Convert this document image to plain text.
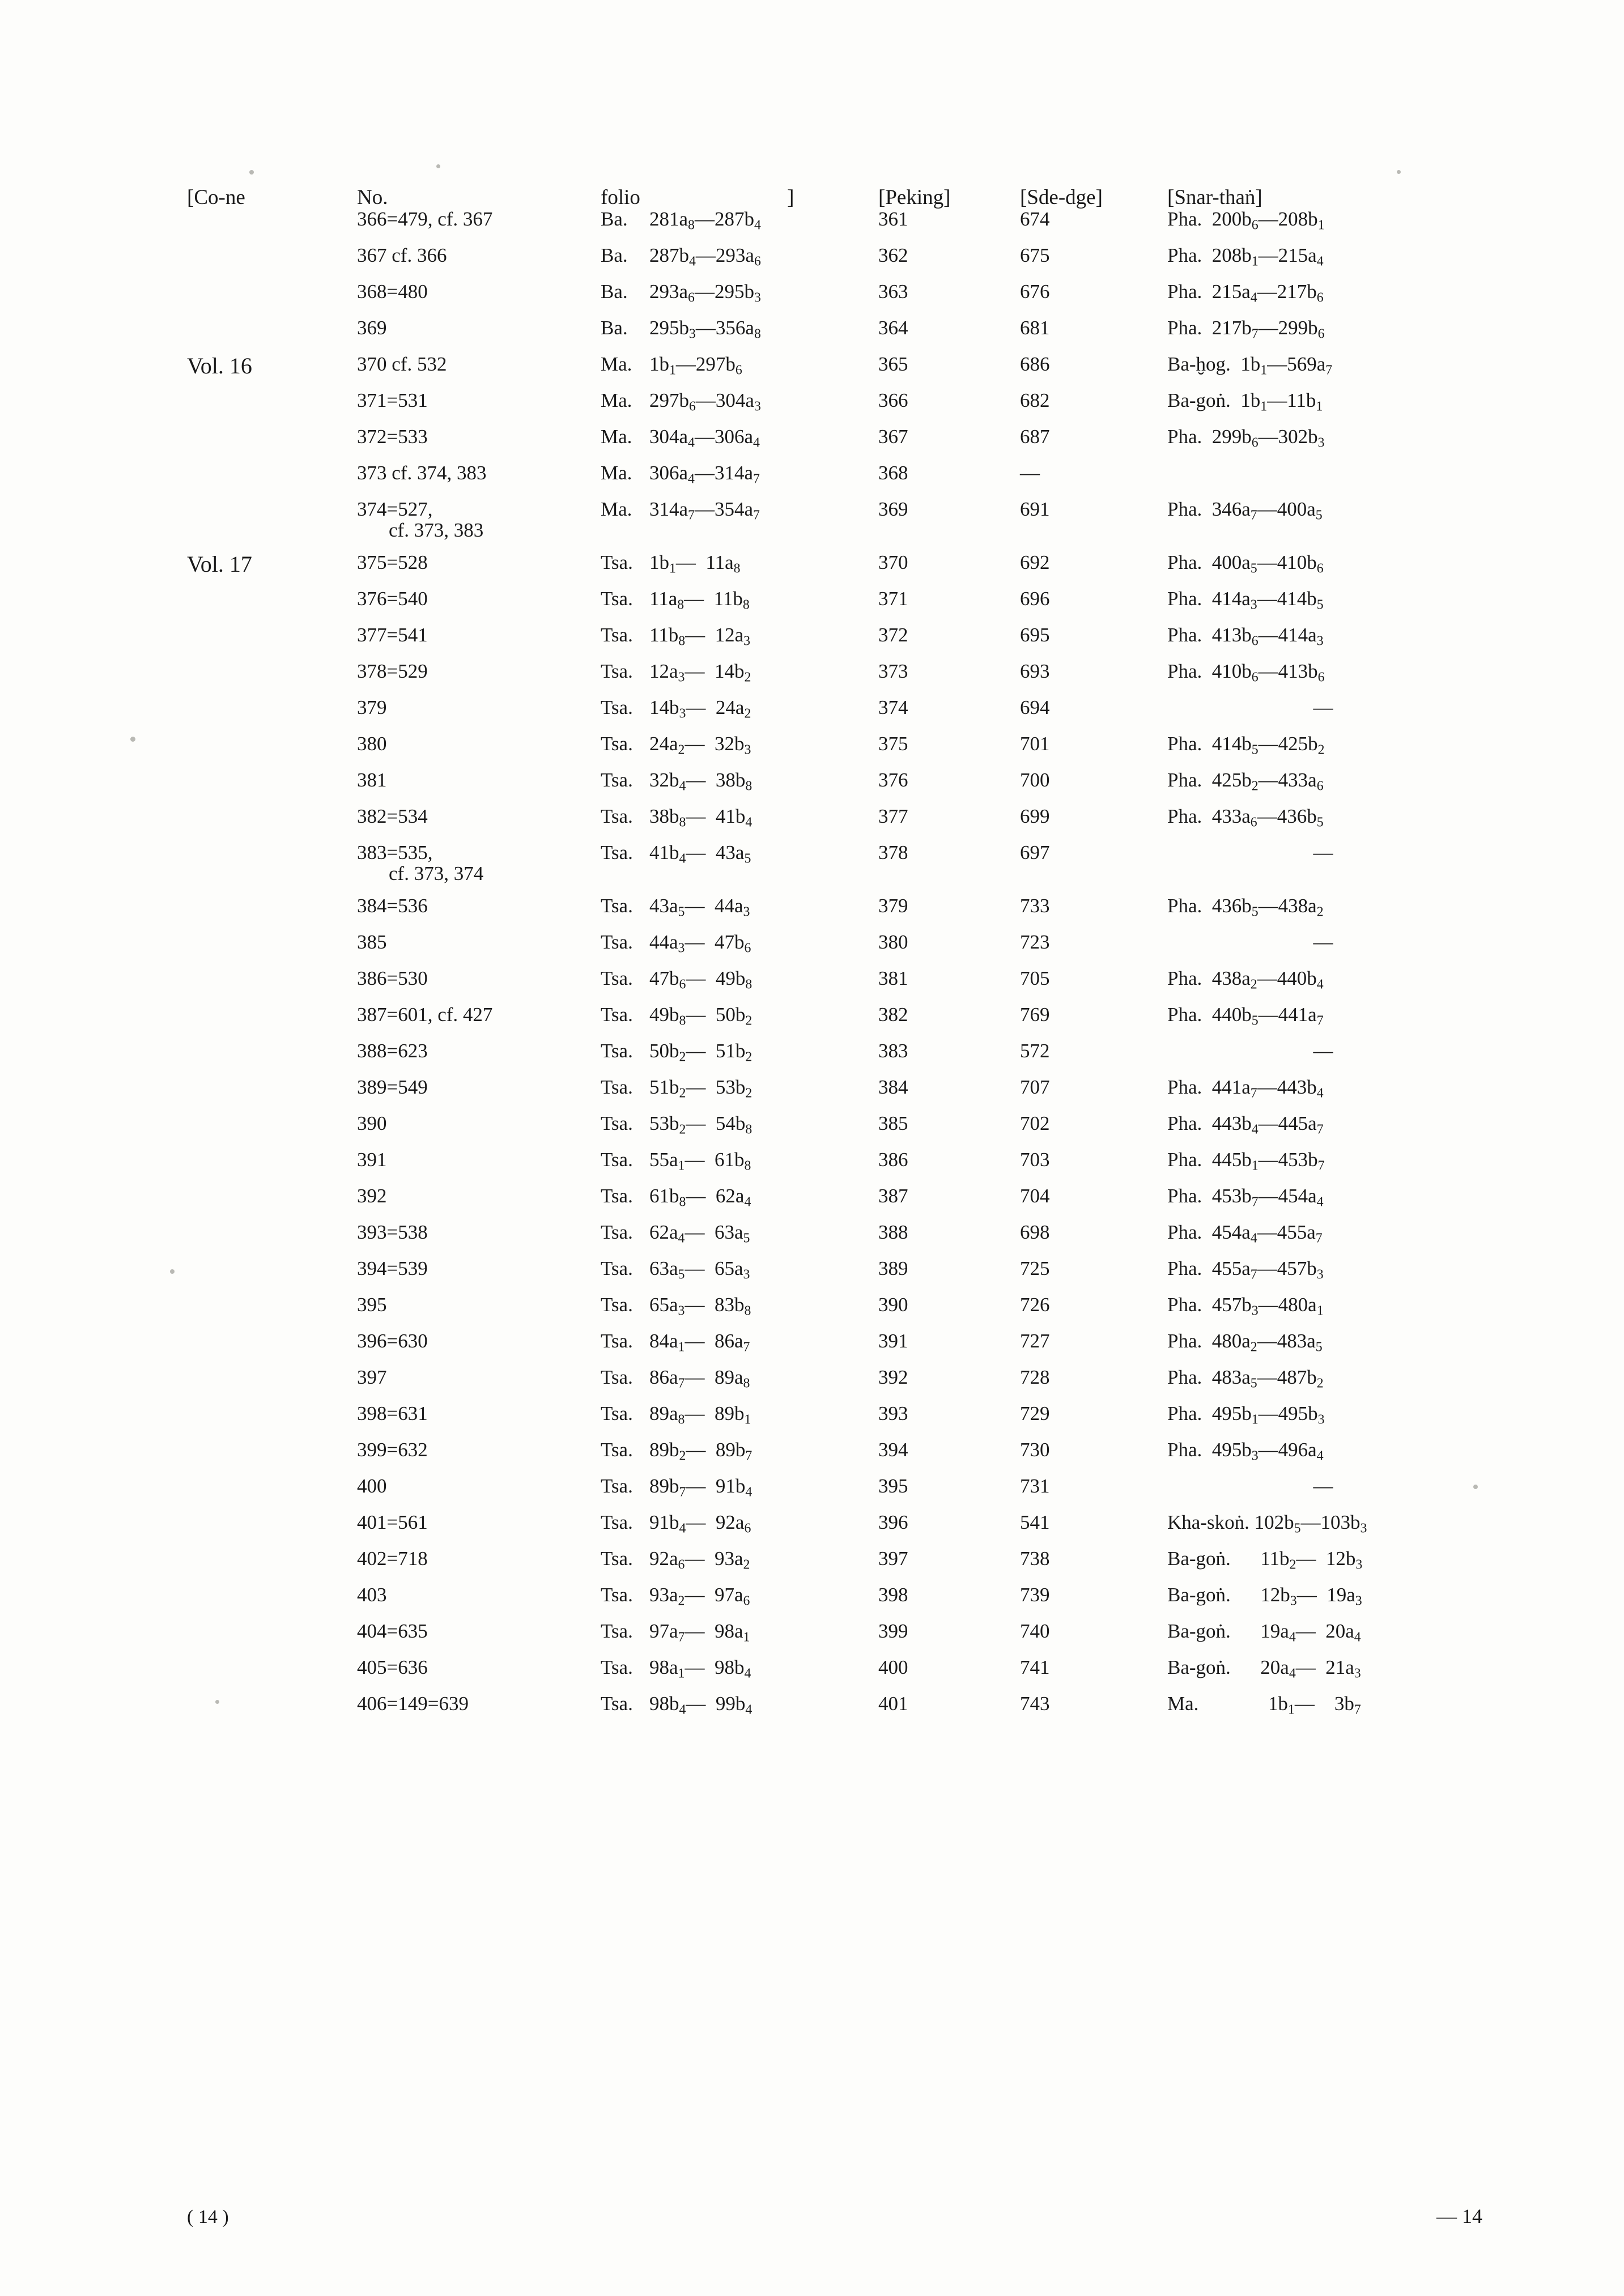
[Co-ne	No.	folio ]	[Peking]	[Sde-dge]	[Snar-thaṅ]
	366=479, cf. 367	Ba. $281a_8—287b_4$	361	674	Pha.  $200b_6—208b_1$
	367 cf. 366	Ba. $287b_4—293a_6$	362	675	Pha.  $208b_1—215a_4$
	368=480	Ba. $293a_6—295b_3$	363	676	Pha.  $215a_4—217b_6$
	369	Ba. $295b_3—356a_8$	364	681	Pha.  $217b_7—299b_6$
Vol. 16	370 cf. 532	Ma. $1b_1—297b_6$	365	686	Ba-ḫog.  $1b_1—569a_7$
	371=531	Ma. $297b_6—304a_3$	366	682	Ba-goṅ.  $1b_1—11b_1$
	372=533	Ma. $304a_4—306a_4$	367	687	Pha.  $299b_6—302b_3$
	373 cf. 374, 383	Ma. $306a_4—314a_7$	368	—	
	374=527,
cf. 373, 383	Ma. $314a_7—354a_7$	369	691	Pha.  $346a_7—400a_5$
Vol. 17	375=528	Tsa. $1b_1—$  $11a_8$	370	692	Pha.  $400a_5—410b_6$
	376=540	Tsa. $11a_8—$  $11b_8$	371	696	Pha.  $414a_3—414b_5$
	377=541	Tsa. $11b_8—$  $12a_3$	372	695	Pha.  $413b_6—414a_3$
	378=529	Tsa. $12a_3—$  $14b_2$	373	693	Pha.  $410b_6—413b_6$
	379	Tsa. $14b_3—$  $24a_2$	374	694	—
	380	Tsa. $24a_2—$  $32b_3$	375	701	Pha.  $414b_5—425b_2$
	381	Tsa. $32b_4—$  $38b_8$	376	700	Pha.  $425b_2—433a_6$
	382=534	Tsa. $38b_8—$  $41b_4$	377	699	Pha.  $433a_6—436b_5$
	383=535,
cf. 373, 374	Tsa. $41b_4—$  $43a_5$	378	697	—
	384=536	Tsa. $43a_5—$  $44a_3$	379	733	Pha.  $436b_5—438a_2$
	385	Tsa. $44a_3—$  $47b_6$	380	723	—
	386=530	Tsa. $47b_6—$  $49b_8$	381	705	Pha.  $438a_2—440b_4$
	387=601, cf. 427	Tsa. $49b_8—$  $50b_2$	382	769	Pha.  $440b_5—441a_7$
	388=623	Tsa. $50b_2—$  $51b_2$	383	572	—
	389=549	Tsa. $51b_2—$  $53b_2$	384	707	Pha.  $441a_7—443b_4$
	390	Tsa. $53b_2—$  $54b_8$	385	702	Pha.  $443b_4—445a_7$
	391	Tsa. $55a_1—$  $61b_8$	386	703	Pha.  $445b_1—453b_7$
	392	Tsa. $61b_8—$  $62a_4$	387	704	Pha.  $453b_7—454a_4$
	393=538	Tsa. $62a_4—$  $63a_5$	388	698	Pha.  $454a_4—455a_7$
	394=539	Tsa. $63a_5—$  $65a_3$	389	725	Pha.  $455a_7—457b_3$
	395	Tsa. $65a_3—$  $83b_8$	390	726	Pha.  $457b_3—480a_1$
	396=630	Tsa. $84a_1—$  $86a_7$	391	727	Pha.  $480a_2—483a_5$
	397	Tsa. $86a_7—$  $89a_8$	392	728	Pha.  $483a_5—487b_2$
	398=631	Tsa. $89a_8—$  $89b_1$	393	729	Pha.  $495b_1—495b_3$
	399=632	Tsa. $89b_2—$  $89b_7$	394	730	Pha.  $495b_3—496a_4$
	400	Tsa. $89b_7—$  $91b_4$	395	731	—
	401=561	Tsa. $91b_4—$  $92a_6$	396	541	Kha-skoṅ. $102b_5—103b_3$
	402=718	Tsa. $92a_6—$  $93a_2$	397	738	Ba-goṅ.      $11b_2—$  $12b_3$
	403	Tsa. $93a_2—$  $97a_6$	398	739	Ba-goṅ.      $12b_3—$  $19a_3$
	404=635	Tsa. $97a_7—$  $98a_1$	399	740	Ba-goṅ.      $19a_4—$  $20a_4$
	405=636	Tsa. $98a_1—$  $98b_4$	400	741	Ba-goṅ.      $20a_4—$  $21a_3$
	406=149=639	Tsa. $98b_4—$  $99b_4$	401	743	Ma.              $1b_1—$    $3b_7$
( 14 )	— 14
